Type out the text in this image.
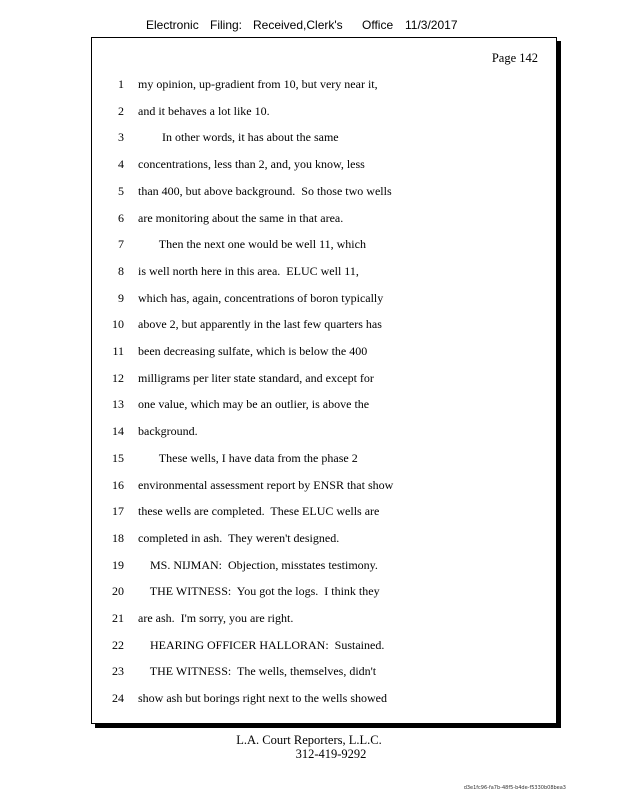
Electronic Filing: Received,Clerk's Office 11/3/2017
Page 142
1 my opinion, up-gradient from 10, but very near it,
2 and it behaves a lot like 10.
3 In other words, it has about the same
4 concentrations, less than 2, and, you know, less
5 than 400, but above background.  So those two wells
6 are monitoring about the same in that area.
7 Then the next one would be well 11, which
8 is well north here in this area.  ELUC well 11,
9 which has, again, concentrations of boron typically
10 above 2, but apparently in the last few quarters has
11 been decreasing sulfate, which is below the 400
12 milligrams per liter state standard, and except for
13 one value, which may be an outlier, is above the
14 background.
15 These wells, I have data from the phase 2
16 environmental assessment report by ENSR that show
17 these wells are completed.  These ELUC wells are
18 completed in ash.  They weren't designed.
19 MS. NIJMAN:  Objection, misstates testimony.
20 THE WITNESS:  You got the logs.  I think they
21 are ash.  I'm sorry, you are right.
22 HEARING OFFICER HALLORAN:  Sustained.
23 THE WITNESS:  The wells, themselves, didn't
24 show ash but borings right next to the wells showed
L.A. Court Reporters, L.L.C.
312-419-9292
d3e1fc96-fa7b-48f5-b4de-f5330b08bea3
